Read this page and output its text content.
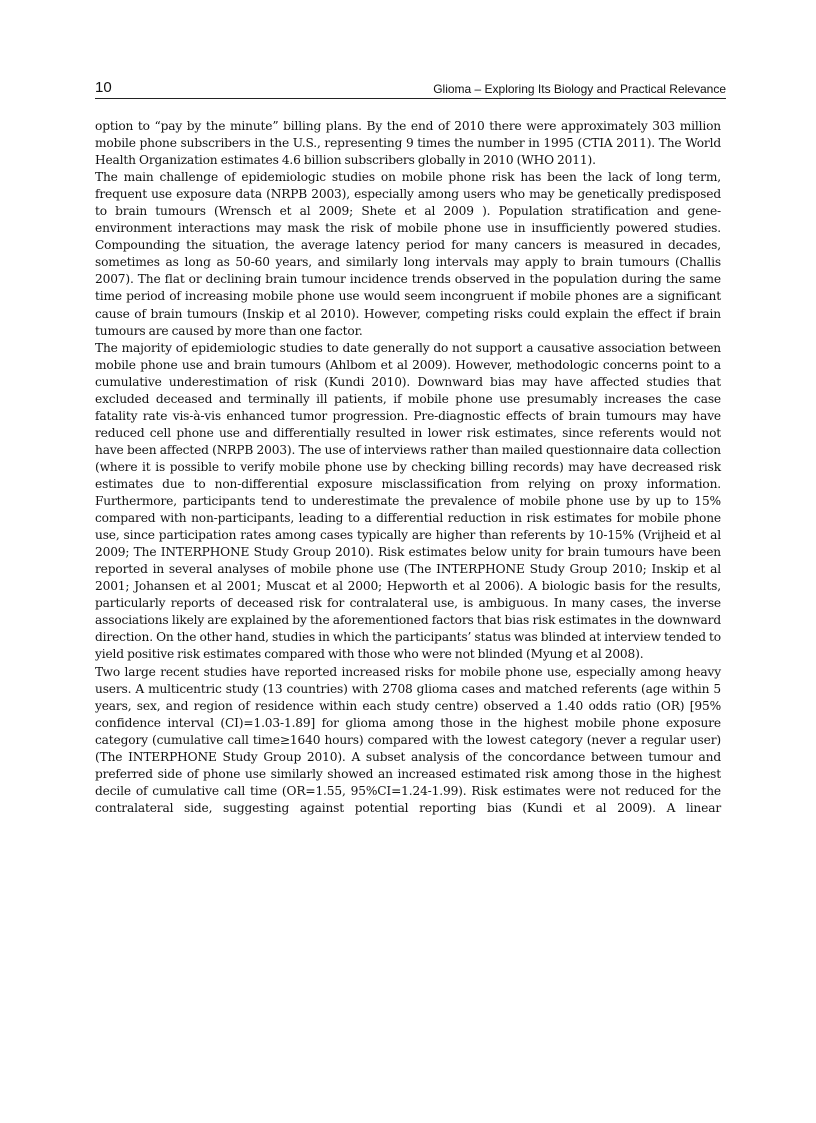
10	Glioma – Exploring Its Biology and Practical Relevance

option to “pay by the minute” billing plans. By the end of 2010 there were approximately 303 million mobile phone subscribers in the U.S., representing 9 times the number in 1995 (CTIA 2011). The World Health Organization estimates 4.6 billion subscribers globally in 2010 (WHO 2011).

The main challenge of epidemiologic studies on mobile phone risk has been the lack of long term, frequent use exposure data (NRPB 2003), especially among users who may be genetically predisposed to brain tumours (Wrensch et al 2009; Shete et al 2009 ). Population stratification and gene-environment interactions may mask the risk of mobile phone use in insufficiently powered studies. Compounding the situation, the average latency period for many cancers is measured in decades, sometimes as long as 50-60 years, and similarly long intervals may apply to brain tumours (Challis 2007). The flat or declining brain tumour incidence trends observed in the population during the same time period of increasing mobile phone use would seem incongruent if mobile phones are a significant cause of brain tumours (Inskip et al 2010). However, competing risks could explain the effect if brain tumours are caused by more than one factor.

The majority of epidemiologic studies to date generally do not support a causative association between mobile phone use and brain tumours (Ahlbom et al 2009). However, methodologic concerns point to a cumulative underestimation of risk (Kundi 2010). Downward bias may have affected studies that excluded deceased and terminally ill patients, if mobile phone use presumably increases the case fatality rate vis-à-vis enhanced tumor progression. Pre-diagnostic effects of brain tumours may have reduced cell phone use and differentially resulted in lower risk estimates, since referents would not have been affected (NRPB 2003). The use of interviews rather than mailed questionnaire data collection (where it is possible to verify mobile phone use by checking billing records) may have decreased risk estimates due to non-differential exposure misclassification from relying on proxy information. Furthermore, participants tend to underestimate the prevalence of mobile phone use by up to 15% compared with non-participants, leading to a differential reduction in risk estimates for mobile phone use, since participation rates among cases typically are higher than referents by 10-15% (Vrijheid et al 2009; The INTERPHONE Study Group 2010). Risk estimates below unity for brain tumours have been reported in several analyses of mobile phone use (The INTERPHONE Study Group 2010; Inskip et al 2001; Johansen et al 2001; Muscat et al 2000; Hepworth et al 2006). A biologic basis for the results, particularly reports of deceased risk for contralateral use, is ambiguous. In many cases, the inverse associations likely are explained by the aforementioned factors that bias risk estimates in the downward direction. On the other hand, studies in which the participants’ status was blinded at interview tended to yield positive risk estimates compared with those who were not blinded (Myung et al 2008).

Two large recent studies have reported increased risks for mobile phone use, especially among heavy users. A multicentric study (13 countries) with 2708 glioma cases and matched referents (age within 5 years, sex, and region of residence within each study centre) observed a 1.40 odds ratio (OR) [95% confidence interval (CI)=1.03-1.89] for glioma among those in the highest mobile phone exposure category (cumulative call time≥1640 hours) compared with the lowest category (never a regular user) (The INTERPHONE Study Group 2010). A subset analysis of the concordance between tumour and preferred side of phone use similarly showed an increased estimated risk among those in the highest decile of cumulative call time (OR=1.55, 95%CI=1.24-1.99). Risk estimates were not reduced for the contralateral side, suggesting against potential reporting bias (Kundi et al 2009). A linear
